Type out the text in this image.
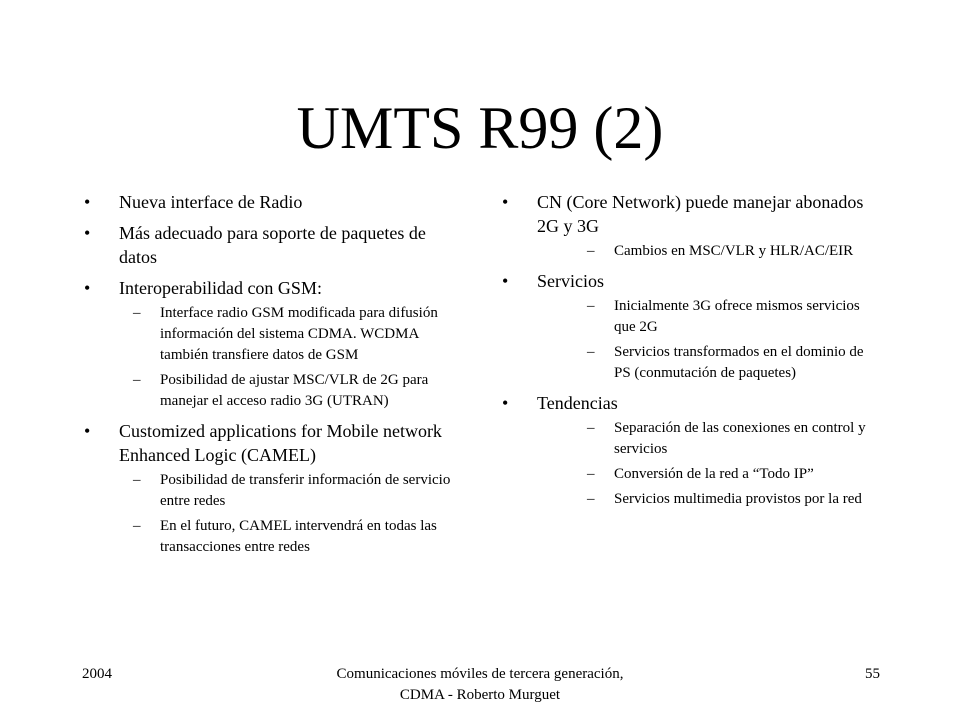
UMTS R99 (2)
• Nueva interface de Radio
• Más adecuado para soporte de paquetes de datos
• Interoperabilidad con GSM:
– Interface radio GSM modificada para difusión información del sistema CDMA. WCDMA también transfiere datos de GSM
– Posibilidad de ajustar MSC/VLR de 2G para manejar el acceso radio 3G (UTRAN)
• Customized applications for Mobile network Enhanced Logic (CAMEL)
– Posibilidad de transferir información de servicio entre redes
– En el futuro, CAMEL intervendrá en todas las transacciones entre redes
• CN (Core Network) puede manejar abonados 2G y 3G
– Cambios en MSC/VLR y HLR/AC/EIR
• Servicios
– Inicialmente 3G ofrece mismos servicios que 2G
– Servicios transformados en el dominio de PS (conmutación de paquetes)
• Tendencias
– Separación de las conexiones en control y servicios
– Conversión de la red a “Todo IP”
– Servicios multimedia provistos por la red
2004	Comunicaciones móviles de tercera generación, CDMA - Roberto Murguet
55
